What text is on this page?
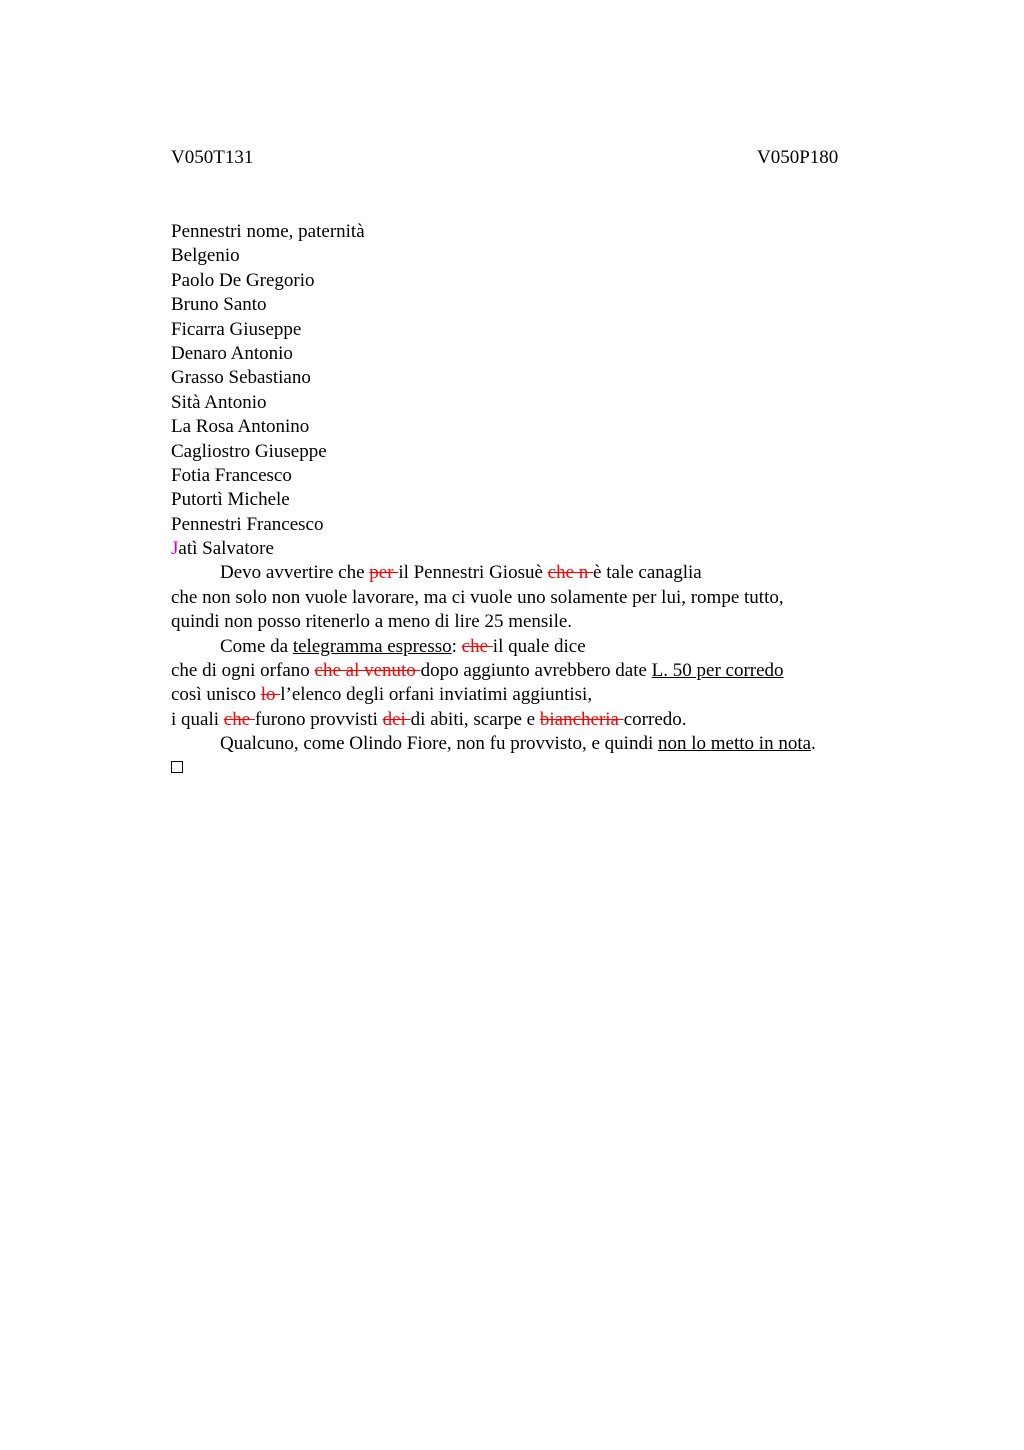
V050T131	V050P180
Pennestri nome, paternità
Belgenio
Paolo De Gregorio
Bruno Santo
Ficarra Giuseppe
Denaro Antonio
Grasso Sebastiano
Sità Antonio
La Rosa Antonino
Cagliostro Giuseppe
Fotia Francesco
Putortì Michele
Pennestri Francesco
Jatì Salvatore
Devo avvertire che per il Pennestri Giosuè che n è tale canaglia
che non solo non vuole lavorare, ma ci vuole uno solamente per lui, rompe tutto,
quindi non posso ritenerlo a meno di lire 25 mensile.
Come da telegramma espresso: che il quale dice
che di ogni orfano che al venuto dopo aggiunto avrebbero date L. 50 per corredo
così unisco lo l’elenco degli orfani inviatimi aggiuntisi,
i quali che furono provvisti dei di abiti, scarpe e biancheria corredo.
Qualcuno, come Olindo Fiore, non fu provvisto, e quindi non lo metto in nota.
